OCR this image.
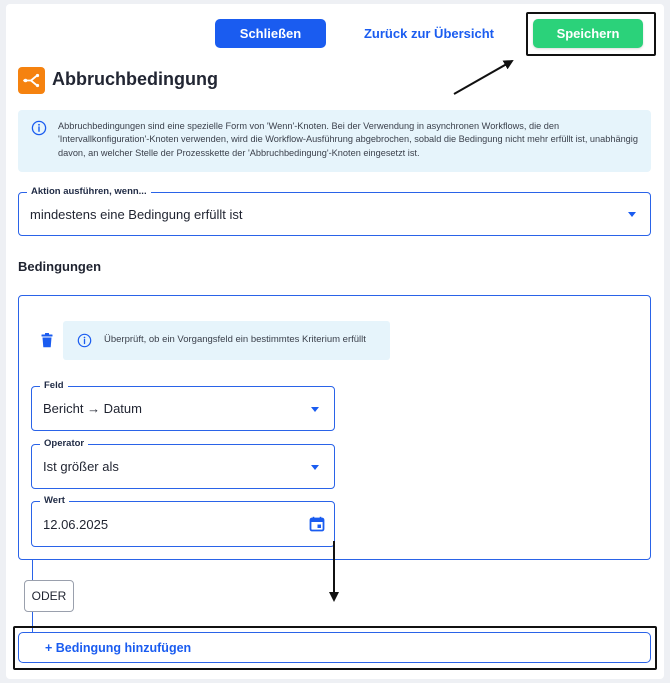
Schließen	Zurück zur Übersicht	Speichern
Abbruchbedingung
Abbruchbedingungen sind eine spezielle Form von 'Wenn'-Knoten. Bei der Verwendung in asynchronen Workflows, die den 'Intervallkonfiguration'-Knoten verwenden, wird die Workflow-Ausführung abgebrochen, sobald die Bedingung nicht mehr erfüllt ist, unabhängig davon, an welcher Stelle der Prozesskette der 'Abbruchbedingung'-Knoten eingesetzt ist.
Aktion ausführen, wenn...
mindestens eine Bedingung erfüllt ist
Bedingungen
Überprüft, ob ein Vorgangsfeld ein bestimmtes Kriterium erfüllt
Feld
Bericht → Datum
Operator
Ist größer als
Wert
12.06.2025
ODER
+ Bedingung hinzufügen
